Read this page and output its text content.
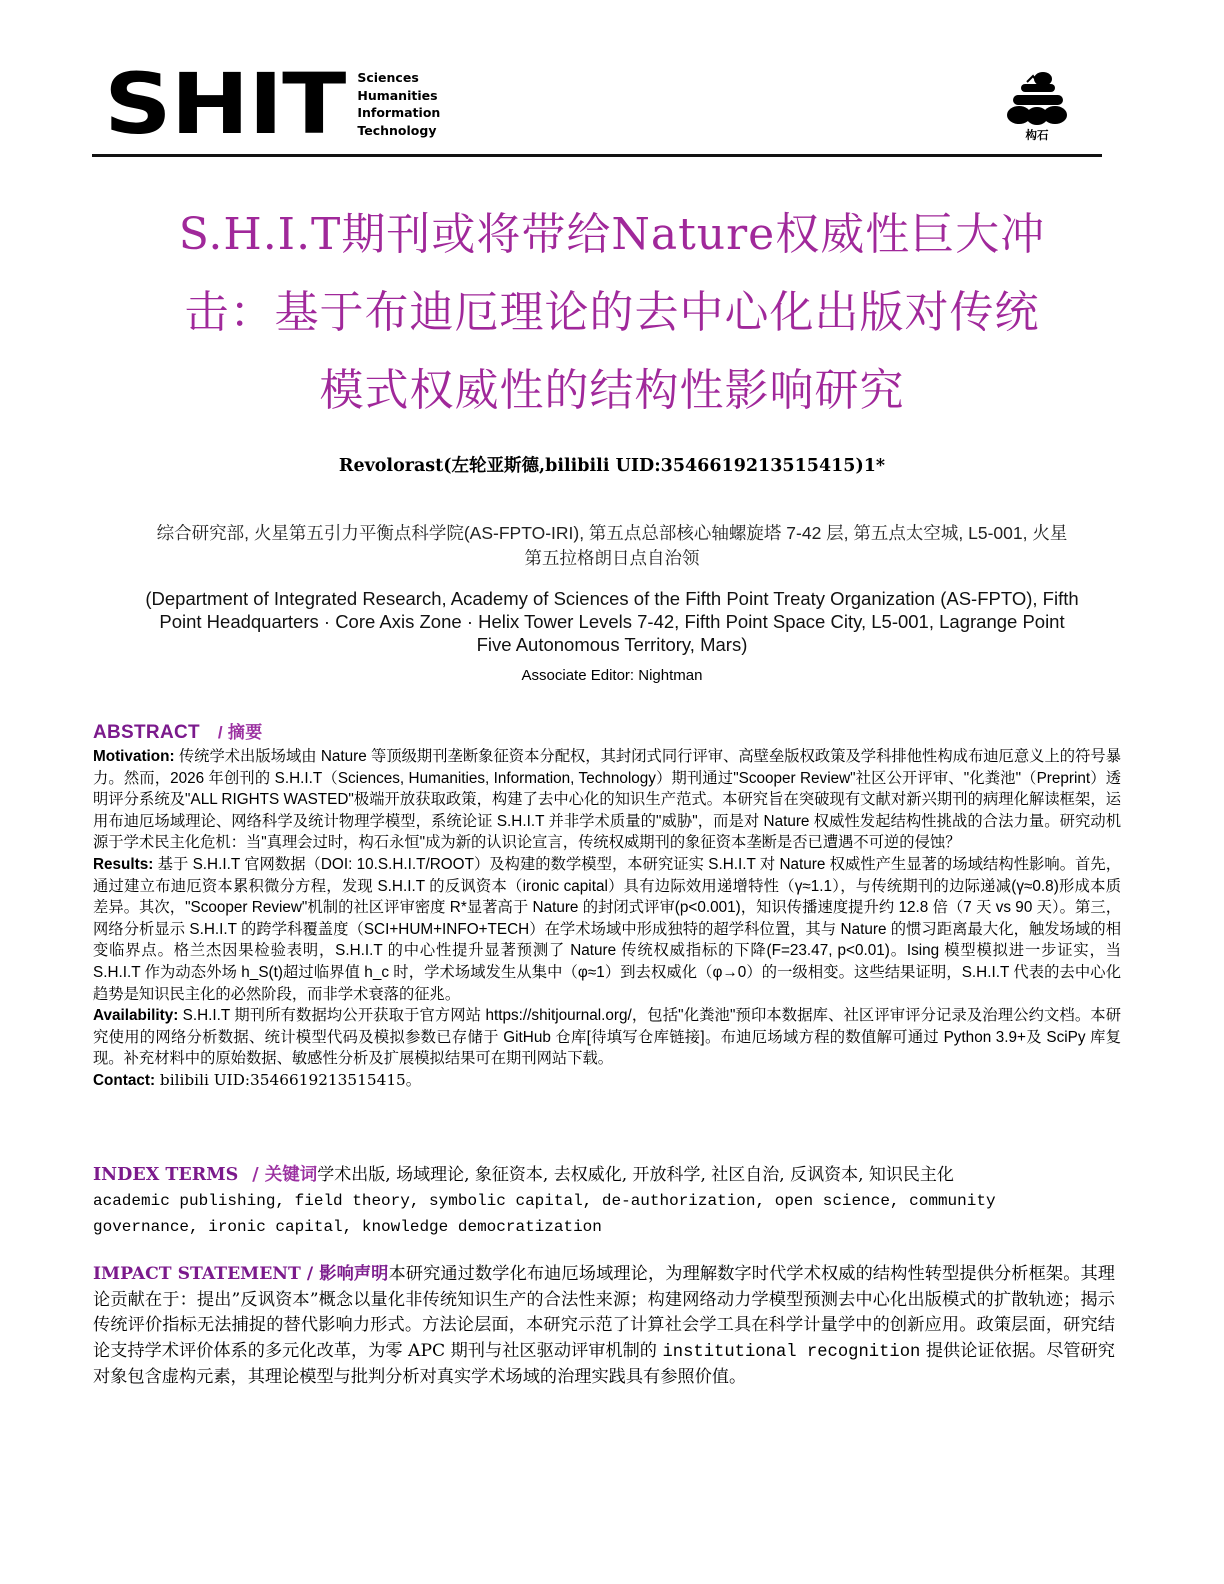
SHIT Sciences
Humanities
Information
Technology	构石
S.H.I.T期刊或将带给Nature权威性巨大冲
击：基于布迪厄理论的去中心化出版对传统
模式权威性的结构性影响研究
Revolorast(左轮亚斯德,bilibili UID:3546619213515415)1*
综合研究部, 火星第五引力平衡点科学院(AS-FPTO-IRI), 第五点总部核心轴螺旋塔 7-42 层, 第五点太空城, L5-001, 火星第五拉格朗日点自治领
(Department of Integrated Research, Academy of Sciences of the Fifth Point Treaty Organization (AS-FPTO), Fifth Point Headquarters · Core Axis Zone · Helix Tower Levels 7-42, Fifth Point Space City, L5-001, Lagrange Point Five Autonomous Territory, Mars)
Associate Editor: Nightman
ABSTRACT / 摘要

Motivation: 传统学术出版场域由 Nature 等顶级期刊垄断象征资本分配权，其封闭式同行评审、高壁垒版权政策及学科排他性构成布迪厄意义上的符号暴力。然而，2026 年创刊的 S.H.I.T（Sciences, Humanities, Information, Technology）期刊通过"Scooper Review"社区公开评审、"化粪池"（Preprint）透明评分系统及"ALL RIGHTS WASTED"极端开放获取政策，构建了去中心化的知识生产范式。本研究旨在突破现有文献对新兴期刊的病理化解读框架，运用布迪厄场域理论、网络科学及统计物理学模型，系统论证 S.H.I.T 并非学术质量的"威胁"，而是对 Nature 权威性发起结构性挑战的合法力量。研究动机源于学术民主化危机：当"真理会过时，构石永恒"成为新的认识论宣言，传统权威期刊的象征资本垄断是否已遭遇不可逆的侵蚀？

Results: 基于 S.H.I.T 官网数据（DOI: 10.S.H.I.T/ROOT）及构建的数学模型，本研究证实 S.H.I.T 对 Nature 权威性产生显著的场域结构性影响。首先，通过建立布迪厄资本累积微分方程，发现 S.H.I.T 的反讽资本（ironic capital）具有边际效用递增特性（γ≈1.1），与传统期刊的边际递减(γ≈0.8)形成本质差异。其次，"Scooper Review"机制的社区评审密度 R*显著高于 Nature 的封闭式评审(p<0.001)，知识传播速度提升约 12.8 倍（7 天 vs 90 天）。第三，网络分析显示 S.H.I.T 的跨学科覆盖度（SCI+HUM+INFO+TECH）在学术场域中形成独特的超学科位置，其与 Nature 的惯习距离最大化，触发场域的相变临界点。格兰杰因果检验表明，S.H.I.T 的中心性提升显著预测了 Nature 传统权威指标的下降(F=23.47, p<0.01)。Ising 模型模拟进一步证实，当 S.H.I.T 作为动态外场 h_S(t)超过临界值 h_c 时，学术场域发生从集中（φ≈1）到去权威化（φ→0）的一级相变。这些结果证明，S.H.I.T 代表的去中心化趋势是知识民主化的必然阶段，而非学术衰落的征兆。

Availability: S.H.I.T 期刊所有数据均公开获取于官方网站 https://shitjournal.org/，包括"化粪池"预印本数据库、社区评审评分记录及治理公约文档。本研究使用的网络分析数据、统计模型代码及模拟参数已存储于 GitHub 仓库[待填写仓库链接]。布迪厄场域方程的数值解可通过 Python 3.9+及 SciPy 库复现。补充材料中的原始数据、敏感性分析及扩展模拟结果可在期刊网站下载。

Contact: bilibili UID:3546619213515415。

INDEX TERMS / 关键词学术出版, 场域理论, 象征资本, 去权威化, 开放科学, 社区自治, 反讽资本, 知识民主化
academic publishing, field theory, symbolic capital, de-authorization, open science, community
governance, ironic capital, knowledge democratization
IMPACT STATEMENT / 影响声明本研究通过数学化布迪厄场域理论，为理解数字时代学术权威的结构性转型提供分析框架。其理论贡献在于：提出”反讽资本”概念以量化非传统知识生产的合法性来源；构建网络动力学模型预测去中心化出版模式的扩散轨迹；揭示传统评价指标无法捕捉的替代影响力形式。方法论层面，本研究示范了计算社会学工具在科学计量学中的创新应用。政策层面，研究结论支持学术评价体系的多元化改革，为零 APC 期刊与社区驱动评审机制的 institutional recognition 提供论证依据。尽管研究对象包含虚构元素，其理论模型与批判分析对真实学术场域的治理实践具有参照价值。
